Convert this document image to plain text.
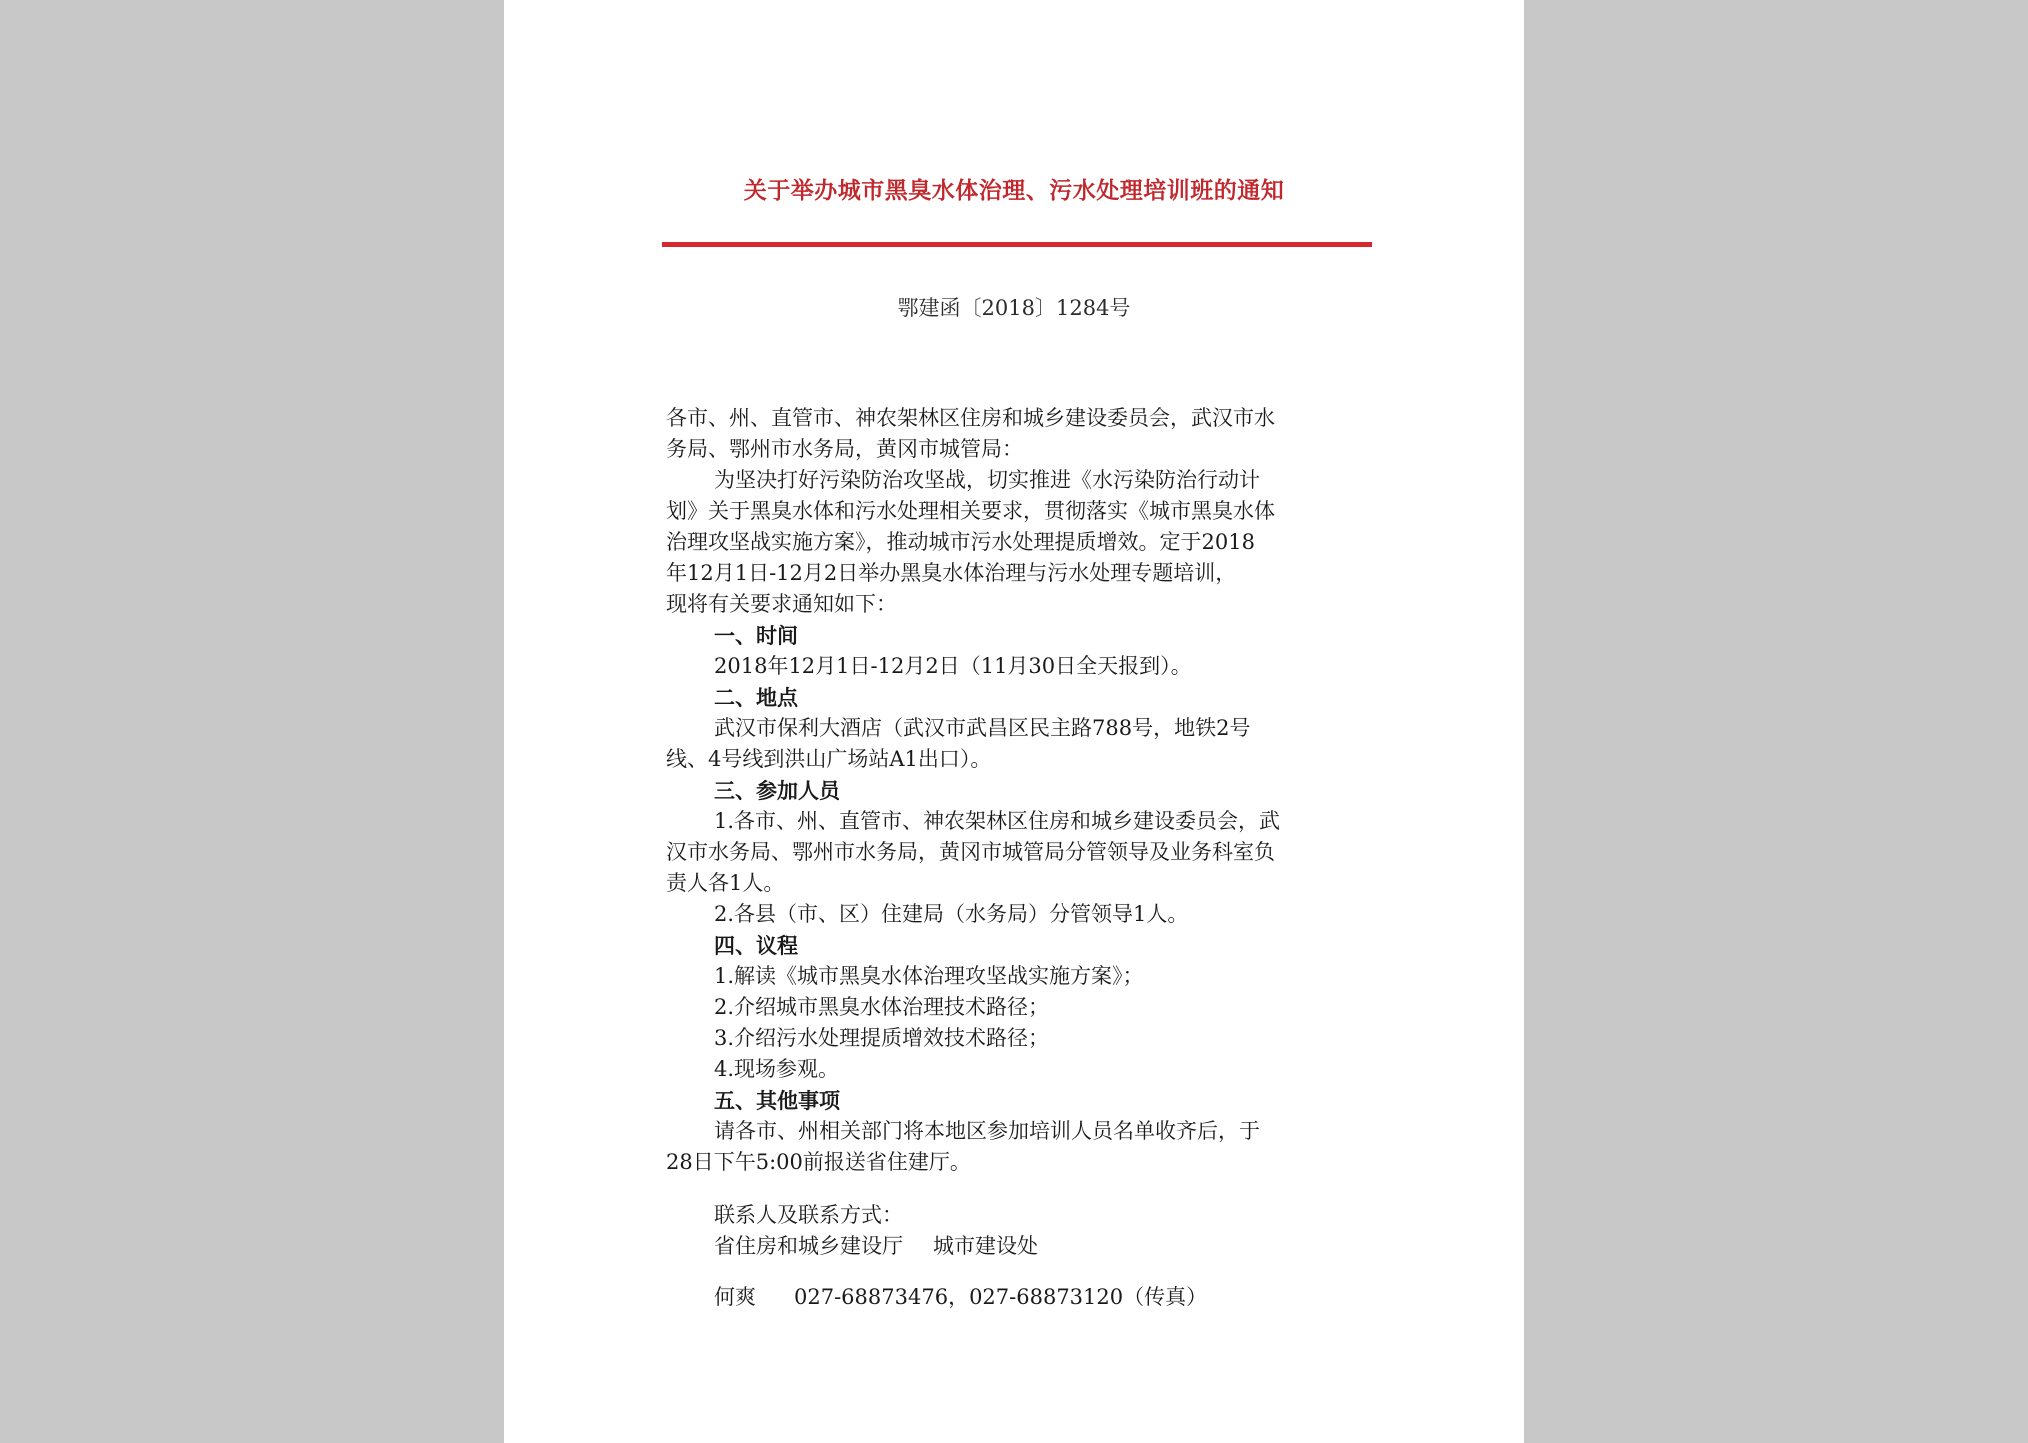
关于举办城市黑臭水体治理、污水处理培训班的通知
鄂建函〔2018〕1284号
各市、州、直管市、神农架林区住房和城乡建设委员会，武汉市水
务局、鄂州市水务局，黄冈市城管局：
为坚决打好污染防治攻坚战，切实推进《水污染防治行动计
划》关于黑臭水体和污水处理相关要求，贯彻落实《城市黑臭水体
治理攻坚战实施方案》，推动城市污水处理提质增效。定于2018
年12月1日-12月2日举办黑臭水体治理与污水处理专题培训，
现将有关要求通知如下：
一、时间
2018年12月1日-12月2日（11月30日全天报到）。
二、地点
武汉市保利大酒店（武汉市武昌区民主路788号，地铁2号
线、4号线到洪山广场站A1出口）。
三、参加人员
1.各市、州、直管市、神农架林区住房和城乡建设委员会，武
汉市水务局、鄂州市水务局，黄冈市城管局分管领导及业务科室负
责人各1人。
2.各县（市、区）住建局（水务局）分管领导1人。
四、议程
1.解读《城市黑臭水体治理攻坚战实施方案》；
2.介绍城市黑臭水体治理技术路径；
3.介绍污水处理提质增效技术路径；
4.现场参观。
五、其他事项
请各市、州相关部门将本地区参加培训人员名单收齐后，于
28日下午5:00前报送省住建厅。
联系人及联系方式：
省住房和城乡建设厅 城市建设处
何爽 027-68873476，027-68873120（传真）
